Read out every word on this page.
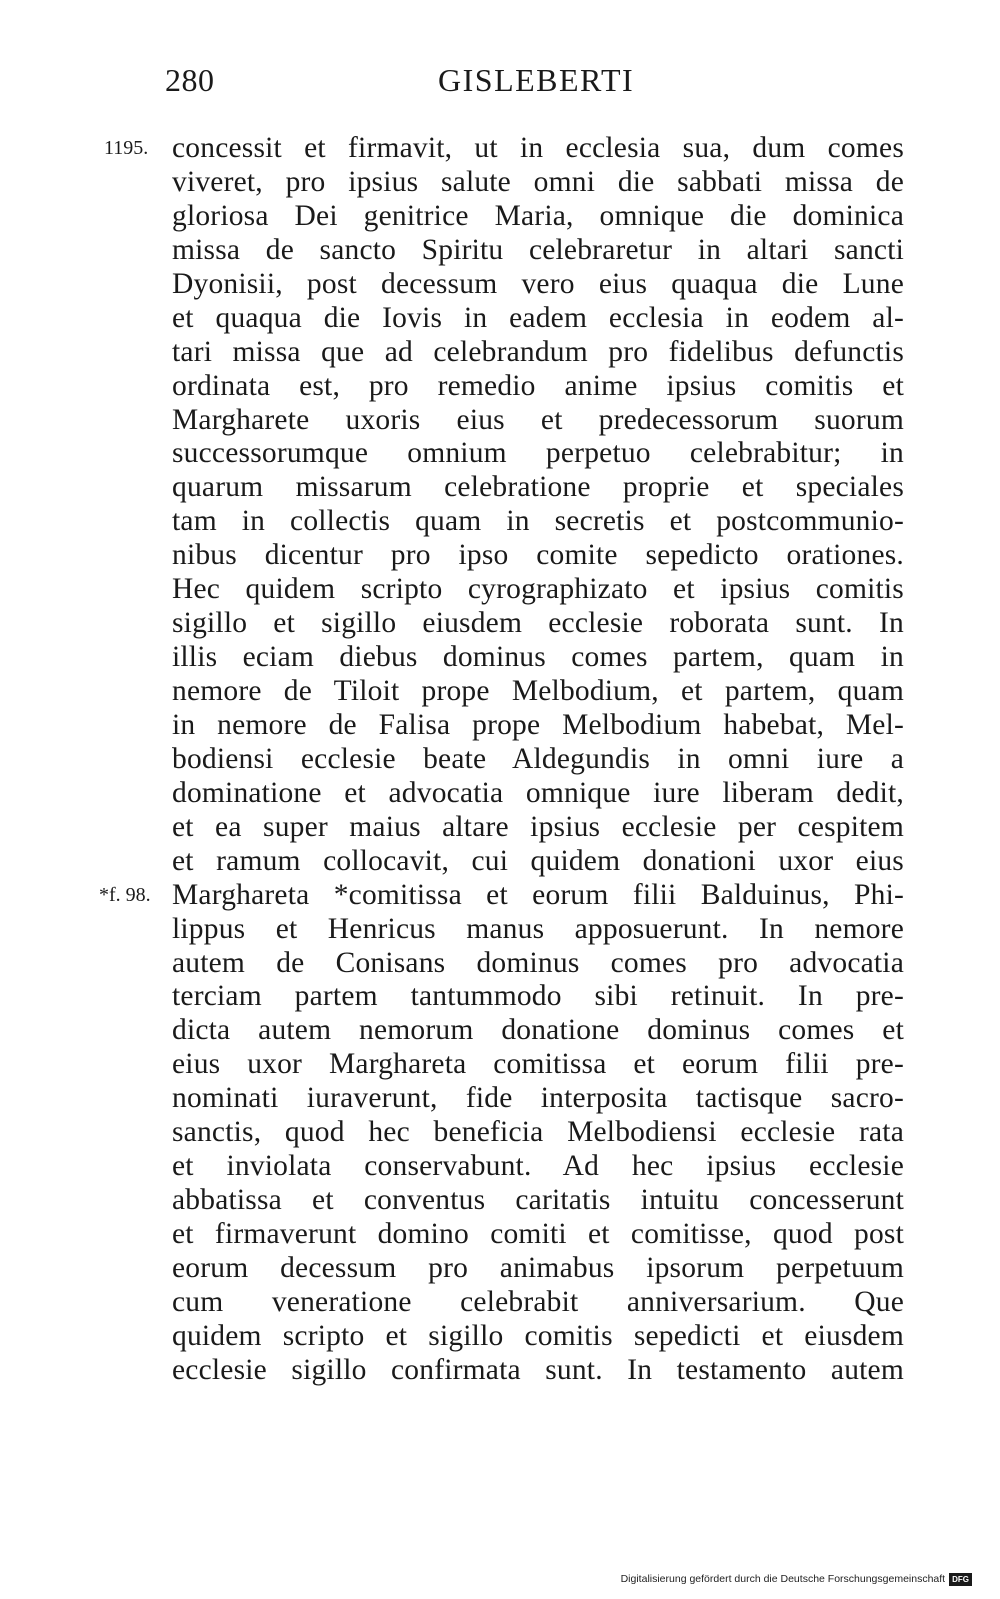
280	GISLEBERTI
1195. concessit et firmavit, ut in ecclesia sua, dum comes
viveret, pro ipsius salute omni die sabbati missa de
gloriosa Dei genitrice Maria, omnique die dominica
missa de sancto Spiritu celebraretur in altari sancti
Dyonisii, post decessum vero eius quaqua die Lune
et quaqua die Iovis in eadem ecclesia in eodem al-
tari missa que ad celebrandum pro fidelibus defunctis
ordinata est, pro remedio anime ipsius comitis et
Margharete uxoris eius et predecessorum suorum
successorumque omnium perpetuo celebrabitur; in
quarum missarum celebratione proprie et speciales
tam in collectis quam in secretis et postcommunio-
nibus dicentur pro ipso comite sepedicto orationes.
Hec quidem scripto cyrographizato et ipsius comitis
sigillo et sigillo eiusdem ecclesie roborata sunt. In
illis eciam diebus dominus comes partem, quam in
nemore de Tiloit prope Melbodium, et partem, quam
in nemore de Falisa prope Melbodium habebat, Mel-
bodiensi ecclesie beate Aldegundis in omni iure a
dominatione et advocatia omnique iure liberam dedit,
et ea super maius altare ipsius ecclesie per cespitem
et ramum collocavit, cui quidem donationi uxor eius
*f. 98. Marghareta *comitissa et eorum filii Balduinus, Phi-
lippus et Henricus manus apposuerunt. In nemore
autem de Conisans dominus comes pro advocatia
terciam partem tantummodo sibi retinuit. In pre-
dicta autem nemorum donatione dominus comes et
eius uxor Marghareta comitissa et eorum filii pre-
nominati iuraverunt, fide interposita tactisque sacro-
sanctis, quod hec beneficia Melbodiensi ecclesie rata
et inviolata conservabunt. Ad hec ipsius ecclesie
abbatissa et conventus caritatis intuitu concesserunt
et firmaverunt domino comiti et comitisse, quod post
eorum decessum pro animabus ipsorum perpetuum
cum veneratione celebrabit anniversarium. Que
quidem scripto et sigillo comitis sepedicti et eiusdem
ecclesie sigillo confirmata sunt. In testamento autem
Digitalisierung gefördert durch die Deutsche Forschungsgemeinschaft DFG
